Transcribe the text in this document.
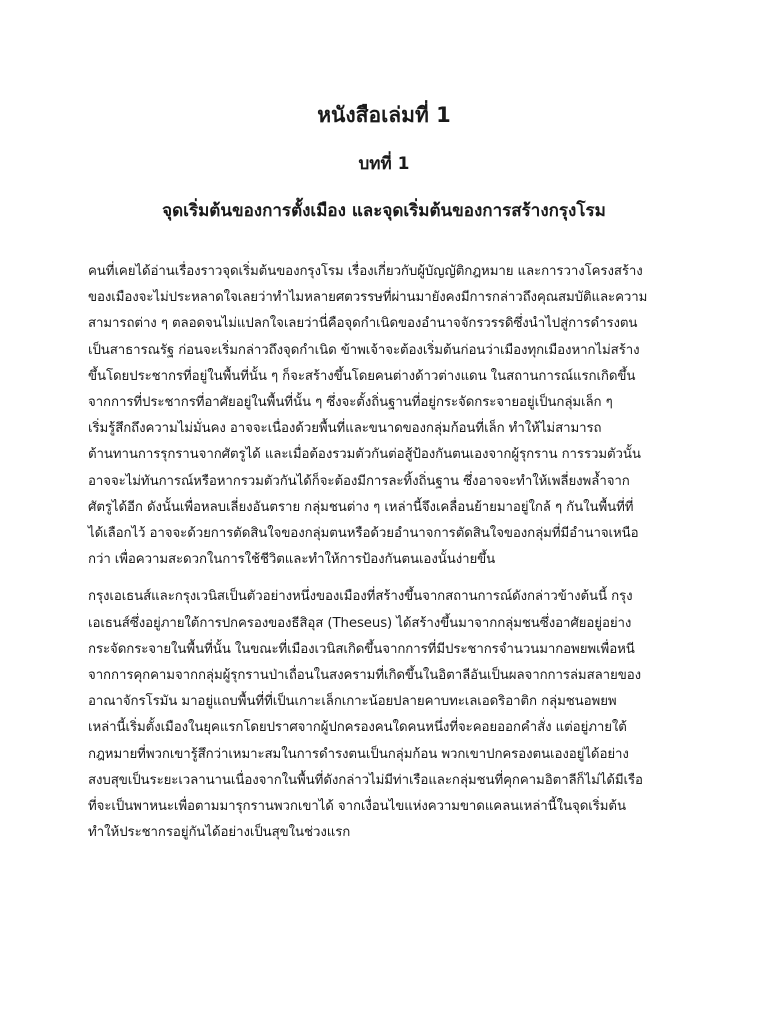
หนังสือเล่มที่ 1
บทที่ 1
จุดเริ่มต้นของการตั้งเมือง และจุดเริ่มต้นของการสร้างกรุงโรม

คนที่เคยได้อ่านเรื่องราวจุดเริ่มต้นของกรุงโรม เรื่องเกี่ยวกับผู้บัญญัติกฎหมาย และการวางโครงสร้าง
ของเมืองจะไม่ประหลาดใจเลยว่าทำไมหลายศตวรรษที่ผ่านมายังคงมีการกล่าวถึงคุณสมบัติและความ
สามารถต่าง ๆ ตลอดจนไม่แปลกใจเลยว่านี่คือจุดกำเนิดของอำนาจจักรวรรดิซึ่งนำไปสู่การดำรงตน
เป็นสาธารณรัฐ ก่อนจะเริ่มกล่าวถึงจุดกำเนิด ข้าพเจ้าจะต้องเริ่มต้นก่อนว่าเมืองทุกเมืองหากไม่สร้าง
ขึ้นโดยประชากรที่อยู่ในพื้นที่นั้น ๆ ก็จะสร้างขึ้นโดยคนต่างด้าวต่างแดน ในสถานการณ์แรกเกิดขึ้น
จากการที่ประชากรที่อาศัยอยู่ในพื้นที่นั้น ๆ ซึ่งจะตั้งถิ่นฐานที่อยู่กระจัดกระจายอยู่เป็นกลุ่มเล็ก ๆ
เริ่มรู้สึกถึงความไม่มั่นคง อาจจะเนื่องด้วยพื้นที่และขนาดของกลุ่มก้อนที่เล็ก ทำให้ไม่สามารถ
ต้านทานการรุกรานจากศัตรูได้ และเมื่อต้องรวมตัวกันต่อสู้ป้องกันตนเองจากผู้รุกราน การรวมตัวนั้น
อาจจะไม่ทันการณ์หรือหากรวมตัวกันได้ก็จะต้องมีการละทิ้งถิ่นฐาน ซึ่งอาจจะทำให้เพลี่ยงพล้ำจาก
ศัตรูได้อีก ดังนั้นเพื่อหลบเลี่ยงอันตราย กลุ่มชนต่าง ๆ เหล่านี้จึงเคลื่อนย้ายมาอยู่ใกล้ ๆ กันในพื้นที่ที่
ได้เลือกไว้ อาจจะด้วยการตัดสินใจของกลุ่มตนหรือด้วยอำนาจการตัดสินใจของกลุ่มที่มีอำนาจเหนือ
กว่า เพื่อความสะดวกในการใช้ชีวิตและทำให้การป้องกันตนเองนั้นง่ายขึ้น

กรุงเอเธนส์และกรุงเวนิสเป็นตัวอย่างหนึ่งของเมืองที่สร้างขึ้นจากสถานการณ์ดังกล่าวข้างต้นนี้ กรุง
เอเธนส์ซึ่งอยู่ภายใต้การปกครองของธีสิอุส (Theseus) ได้สร้างขึ้นมาจากกลุ่มชนซึ่งอาศัยอยู่อย่าง
กระจัดกระจายในพื้นที่นั้น ในขณะที่เมืองเวนิสเกิดขึ้นจากการที่มีประชากรจำนวนมากอพยพเพื่อหนี
จากการคุกคามจากกลุ่มผู้รุกรานป่าเถื่อนในสงครามที่เกิดขึ้นในอิตาลีอันเป็นผลจากการล่มสลายของ
อาณาจักรโรมัน มาอยู่แถบพื้นที่ที่เป็นเกาะเล็กเกาะน้อยปลายคาบทะเลเอดริอาติก กลุ่มชนอพยพ
เหล่านี้เริ่มตั้งเมืองในยุคแรกโดยปราศจากผู้ปกครองคนใดคนหนึ่งที่จะคอยออกคำสั่ง แต่อยู่ภายใต้
กฎหมายที่พวกเขารู้สึกว่าเหมาะสมในการดำรงตนเป็นกลุ่มก้อน พวกเขาปกครองตนเองอยู่ได้อย่าง
สงบสุขเป็นระยะเวลานานเนื่องจากในพื้นที่ดังกล่าวไม่มีท่าเรือและกลุ่มชนที่คุกคามอิตาลีก็ไม่ได้มีเรือ
ที่จะเป็นพาหนะเพื่อตามมารุกรานพวกเขาได้ จากเงื่อนไขแห่งความขาดแคลนเหล่านี้ในจุดเริ่มต้น
ทำให้ประชากรอยู่กันได้อย่างเป็นสุขในช่วงแรก
